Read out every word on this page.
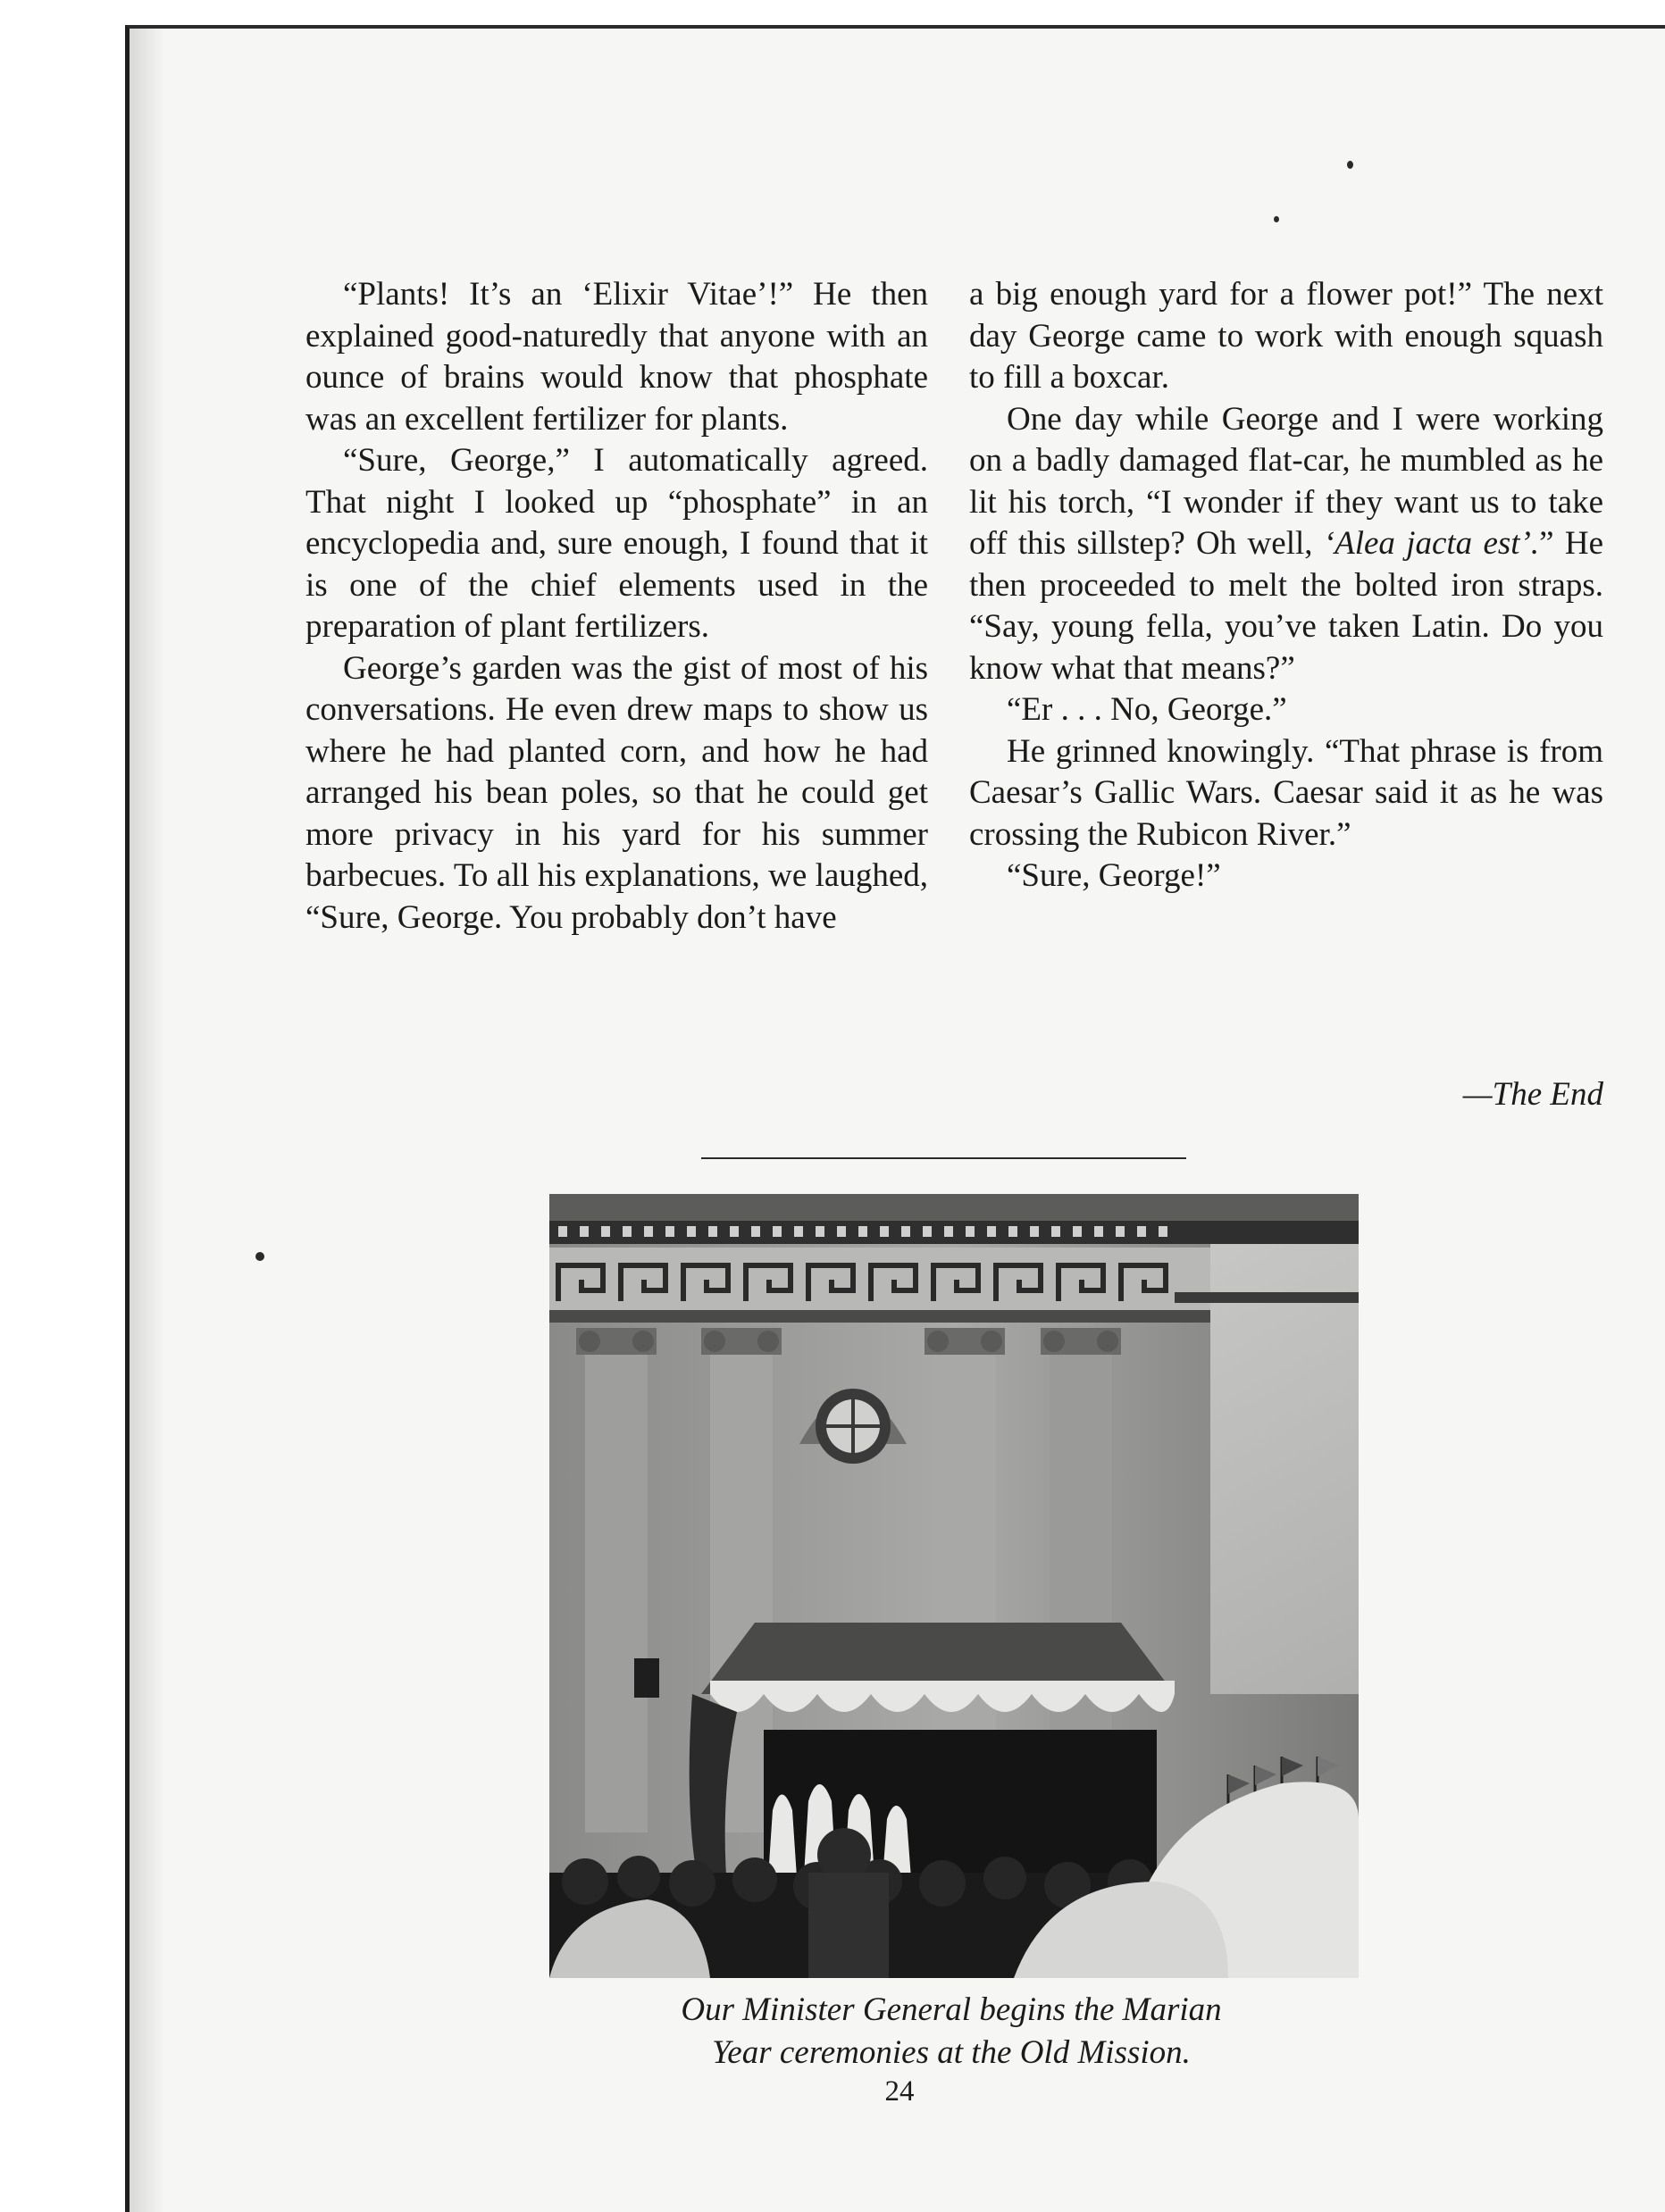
“Plants! It’s an ‘Elixir Vitae’!” He then explained good-naturedly that anyone with an ounce of brains would know that phosphate was an excellent fertilizer for plants.

“Sure, George,” I automatically agreed. That night I looked up “phosphate” in an encyclopedia and, sure enough, I found that it is one of the chief elements used in the preparation of plant fertilizers.

George’s garden was the gist of most of his conversations. He even drew maps to show us where he had planted corn, and how he had arranged his bean poles, so that he could get more privacy in his yard for his summer barbecues. To all his explanations, we laughed, “Sure, George. You probably don’t have

a big enough yard for a flower pot!” The next day George came to work with enough squash to fill a boxcar.

One day while George and I were working on a badly damaged flat-car, he mumbled as he lit his torch, “I wonder if they want us to take off this sillstep? Oh well, ‘Alea jacta est’.” He then proceeded to melt the bolted iron straps. “Say, young fella, you’ve taken Latin. Do you know what that means?”

“Er . . . No, George.”

He grinned knowingly. “That phrase is from Caesar’s Gallic Wars. Caesar said it as he was crossing the Rubicon River.”

“Sure, George!”

—The End
Our Minister General begins the Marian
Year ceremonies at the Old Mission.
24
